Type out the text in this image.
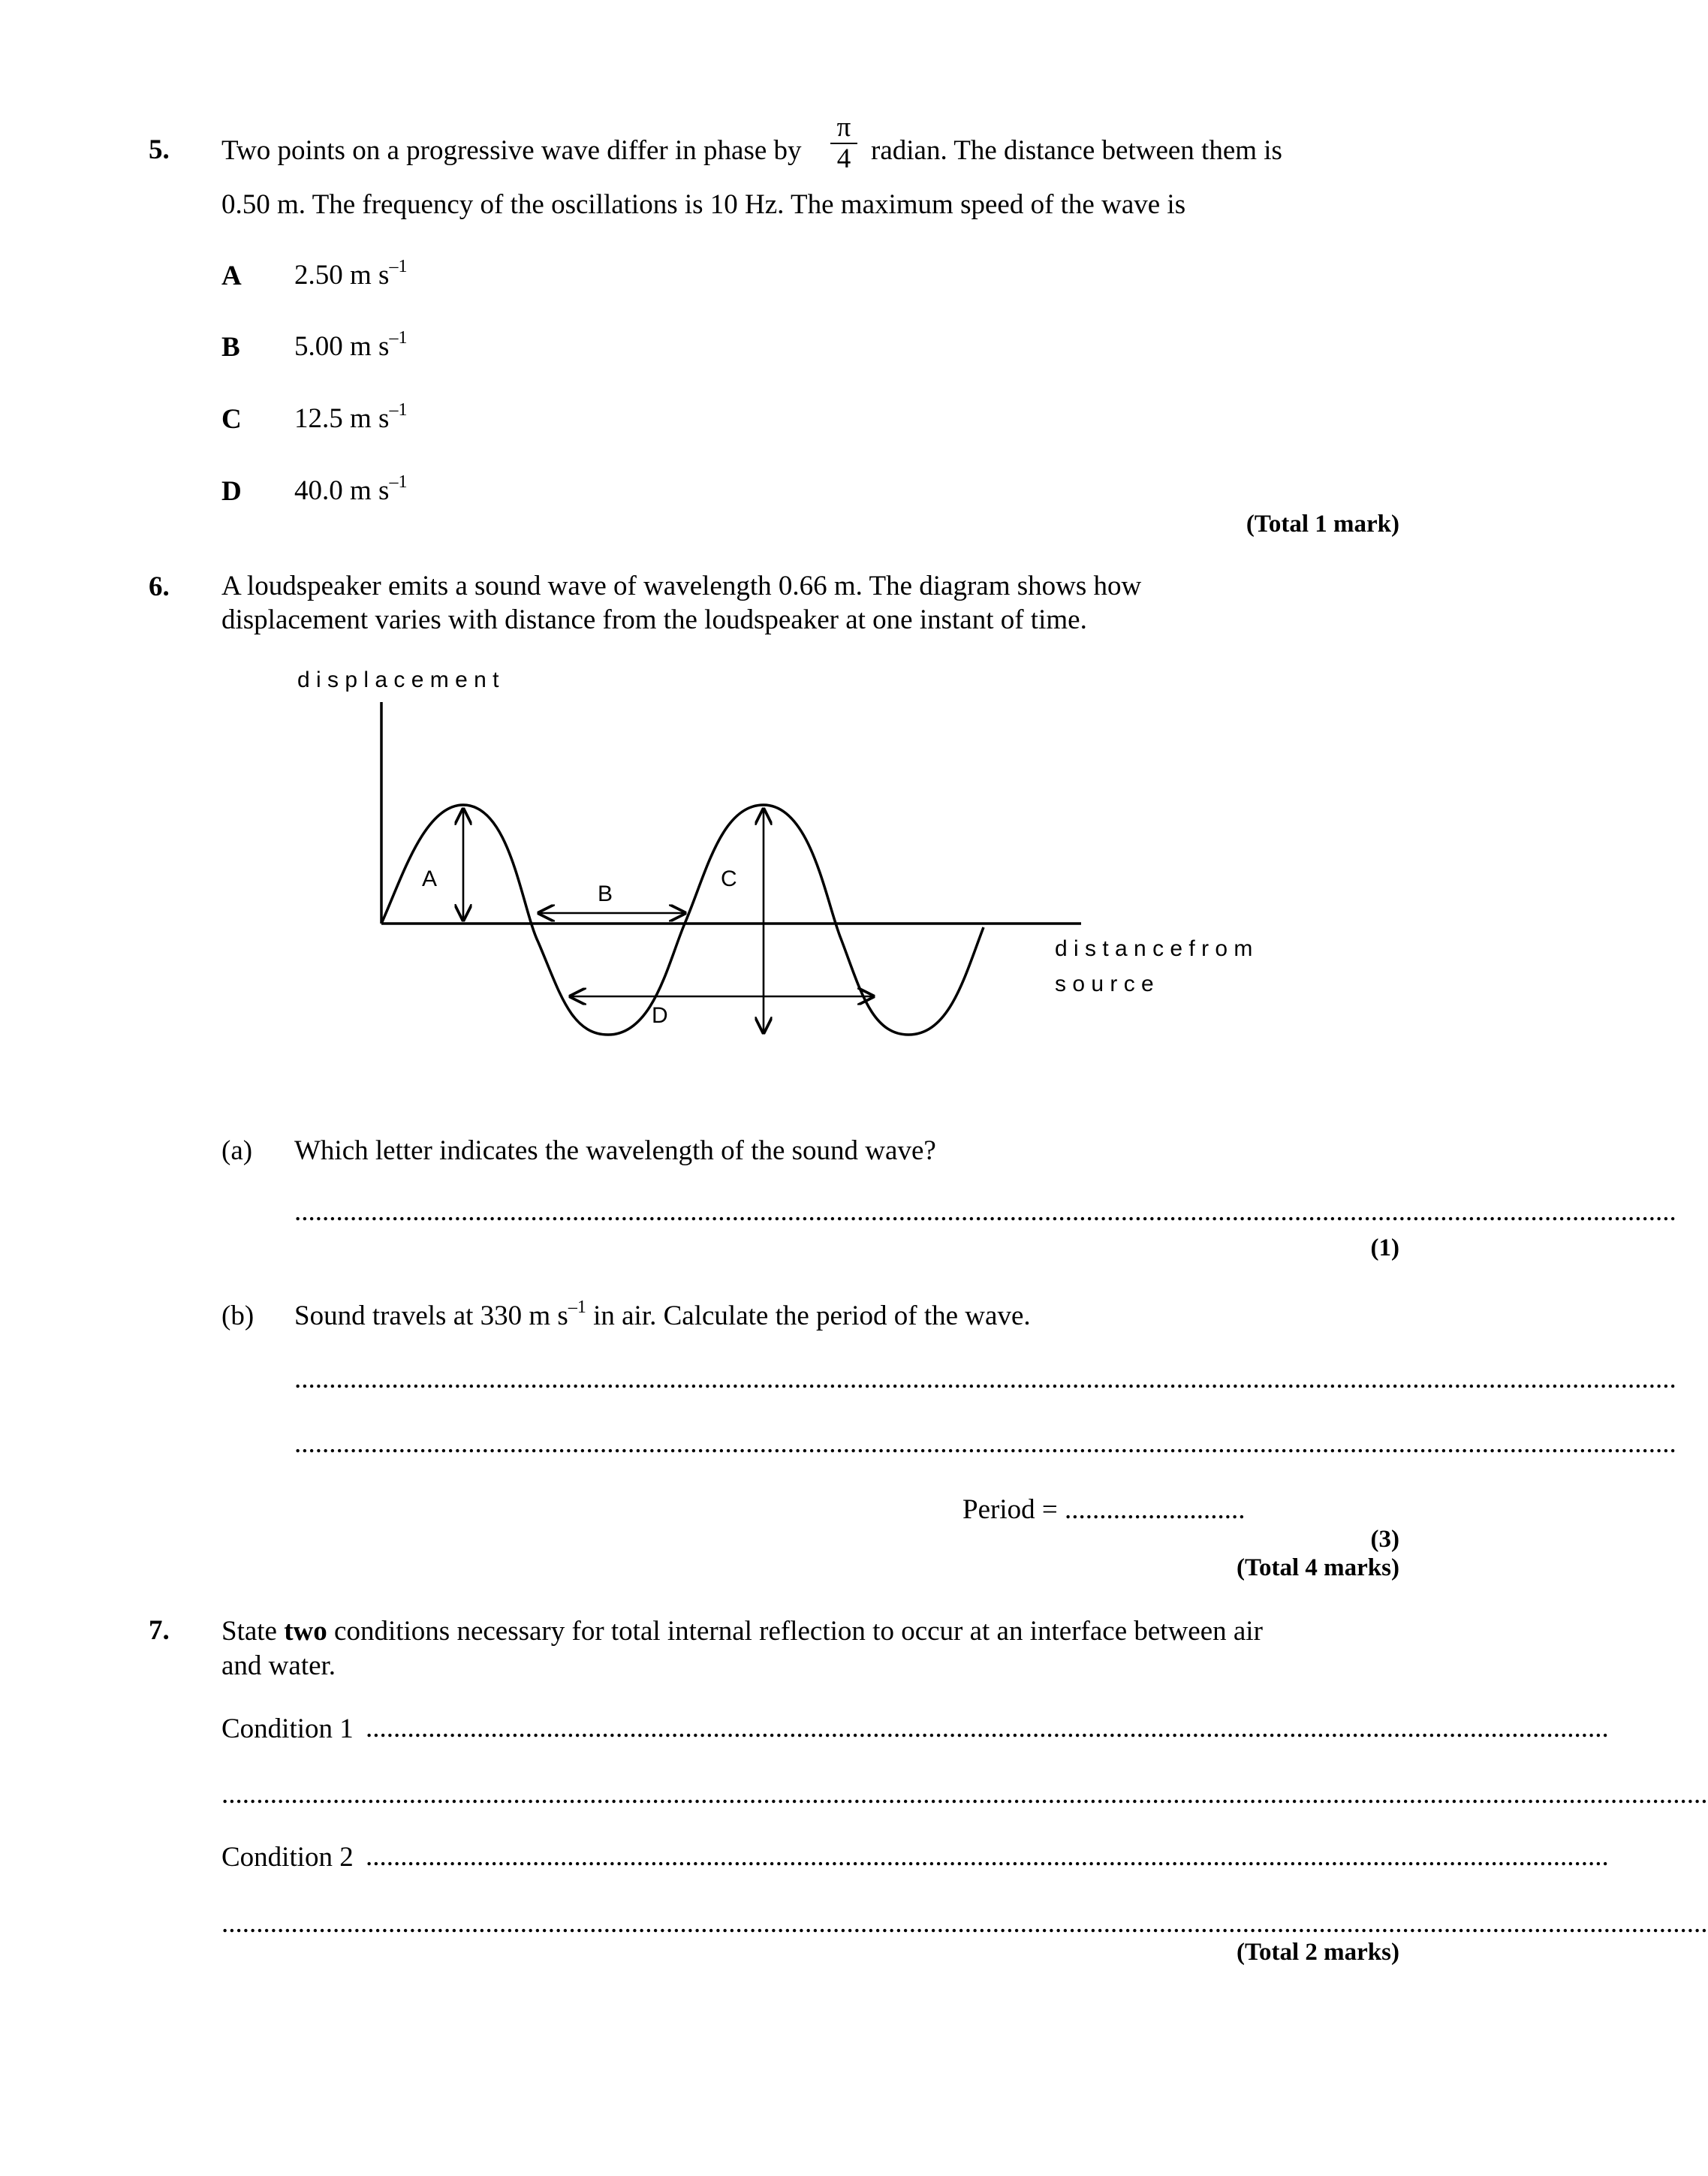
5. Two points on a progressive wave differ in phase by
π
4 radian. The distance between them is
0.50 m. The frequency of the oscillations is 10 Hz. The maximum speed of the wave is
A 2.50 m $s^{-1}$
B 5.00 m $s^{-1}$
C 12.5 m $s^{-1}$
D 40.0 m $s^{-1}$
(Total 1 mark)
6. A loudspeaker emits a sound wave of wavelength 0.66 m. The diagram shows how
displacement varies with distance from the loudspeaker at one instant of time.
d i s p l a c e m e n t
d i s t a n c e f r o m
s o u r c e
A
B
C
D
(a) Which letter indicates the wavelength of the sound wave?
.......................................................................................................................................................................................................
(1)
(b) Sound travels at 330 m $s^{-1}$ in air. Calculate the period of the wave.
.......................................................................................................................................................................................................
.......................................................................................................................................................................................................
Period = ..........................
(3)
(Total 4 marks)
7. State two conditions necessary for total internal reflection to occur at an interface between air
and water.
Condition 1 ...................................................................................................................................................................................
......................................................................................................................................................................................................................
Condition 2 ...................................................................................................................................................................................
......................................................................................................................................................................................................................
(Total 2 marks)
